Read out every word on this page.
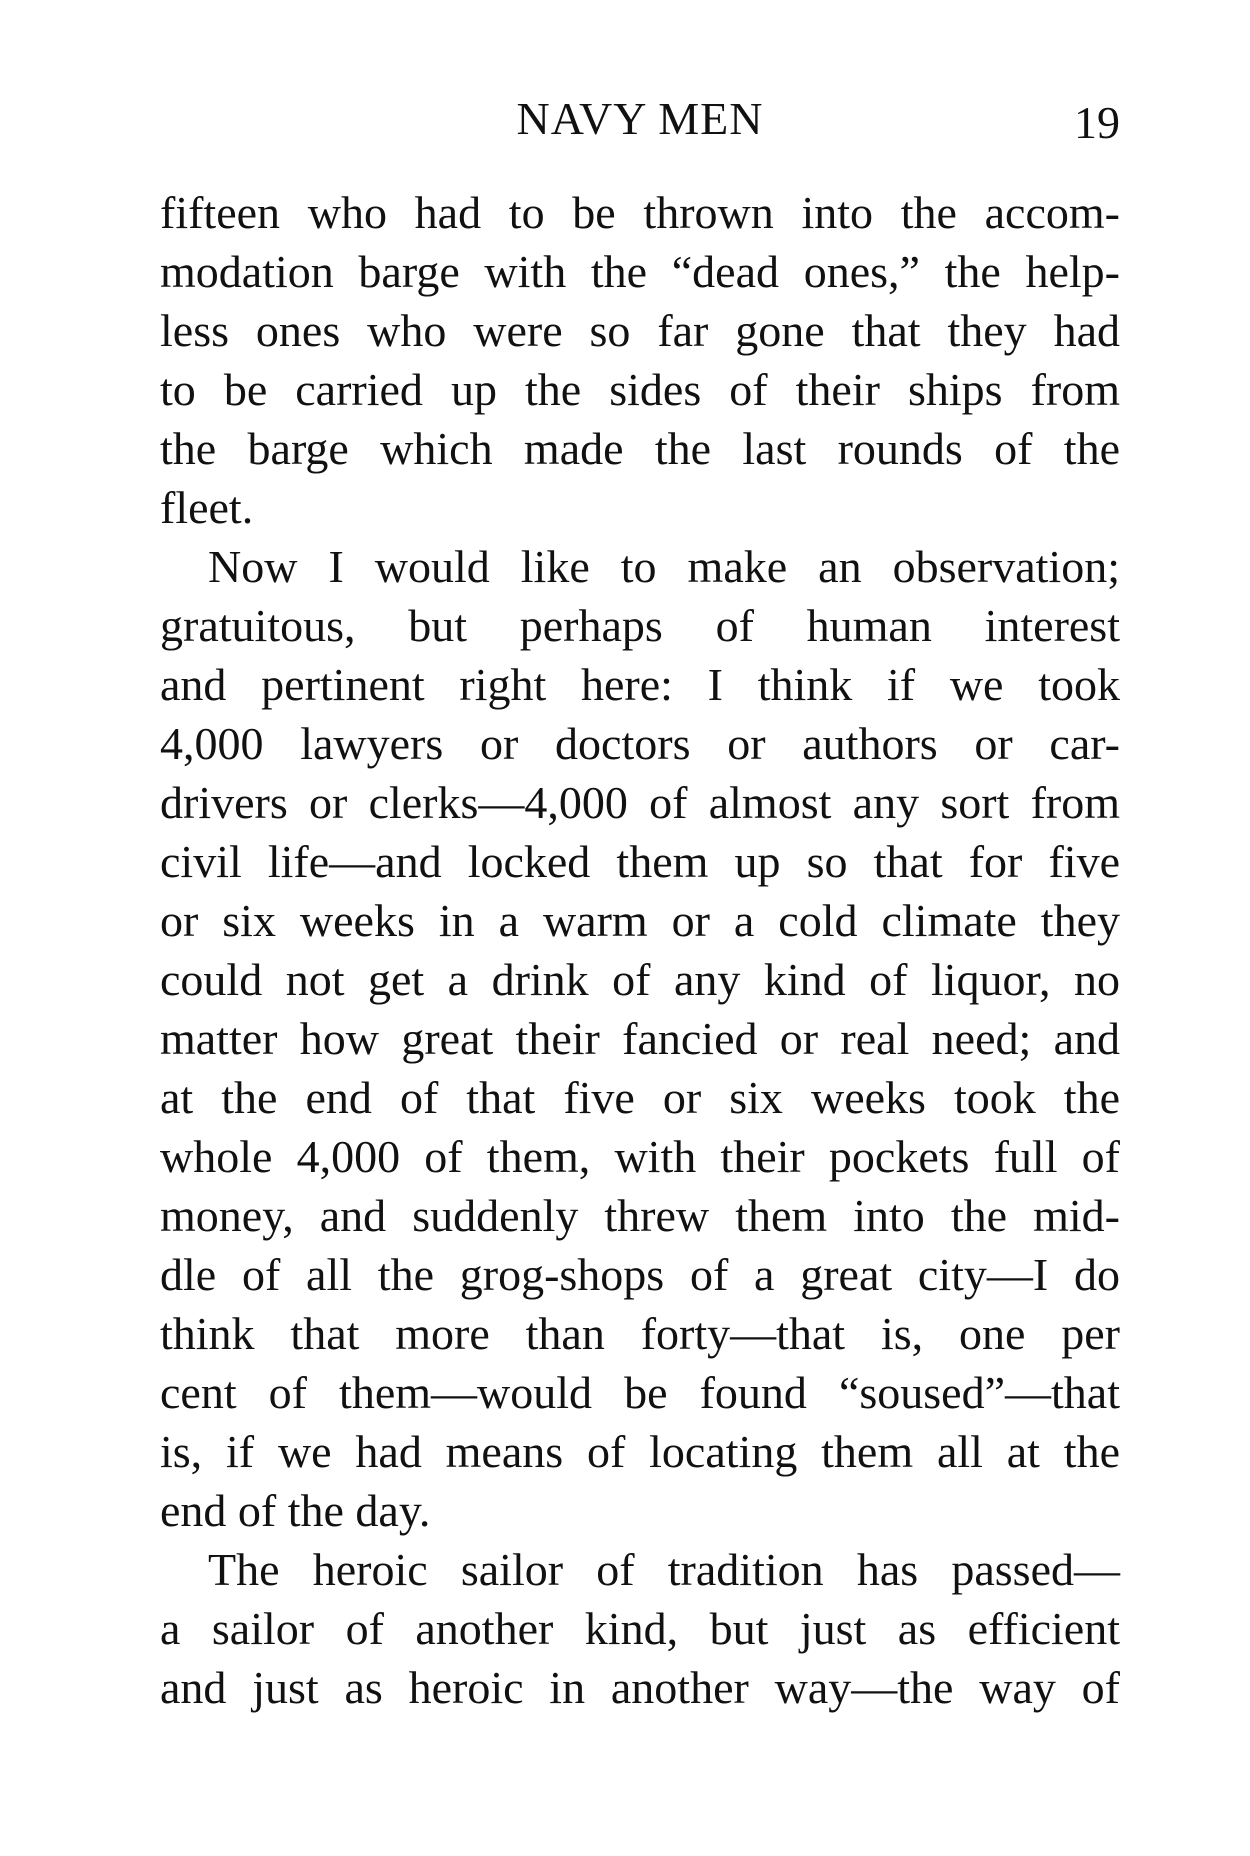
NAVY MEN	19
fifteen who had to be thrown into the accom-
modation barge with the “dead ones,” the help-
less ones who were so far gone that they had
to be carried up the sides of their ships from
the barge which made the last rounds of the
fleet.
Now I would like to make an observation;
gratuitous, but perhaps of human interest
and pertinent right here: I think if we took
4,000 lawyers or doctors or authors or car-
drivers or clerks—4,000 of almost any sort from
civil life—and locked them up so that for five
or six weeks in a warm or a cold climate they
could not get a drink of any kind of liquor, no
matter how great their fancied or real need; and
at the end of that five or six weeks took the
whole 4,000 of them, with their pockets full of
money, and suddenly threw them into the mid-
dle of all the grog-shops of a great city—I do
think that more than forty—that is, one per
cent of them—would be found “soused”—that
is, if we had means of locating them all at the
end of the day.
The heroic sailor of tradition has passed—
a sailor of another kind, but just as efficient
and just as heroic in another way—the way of
